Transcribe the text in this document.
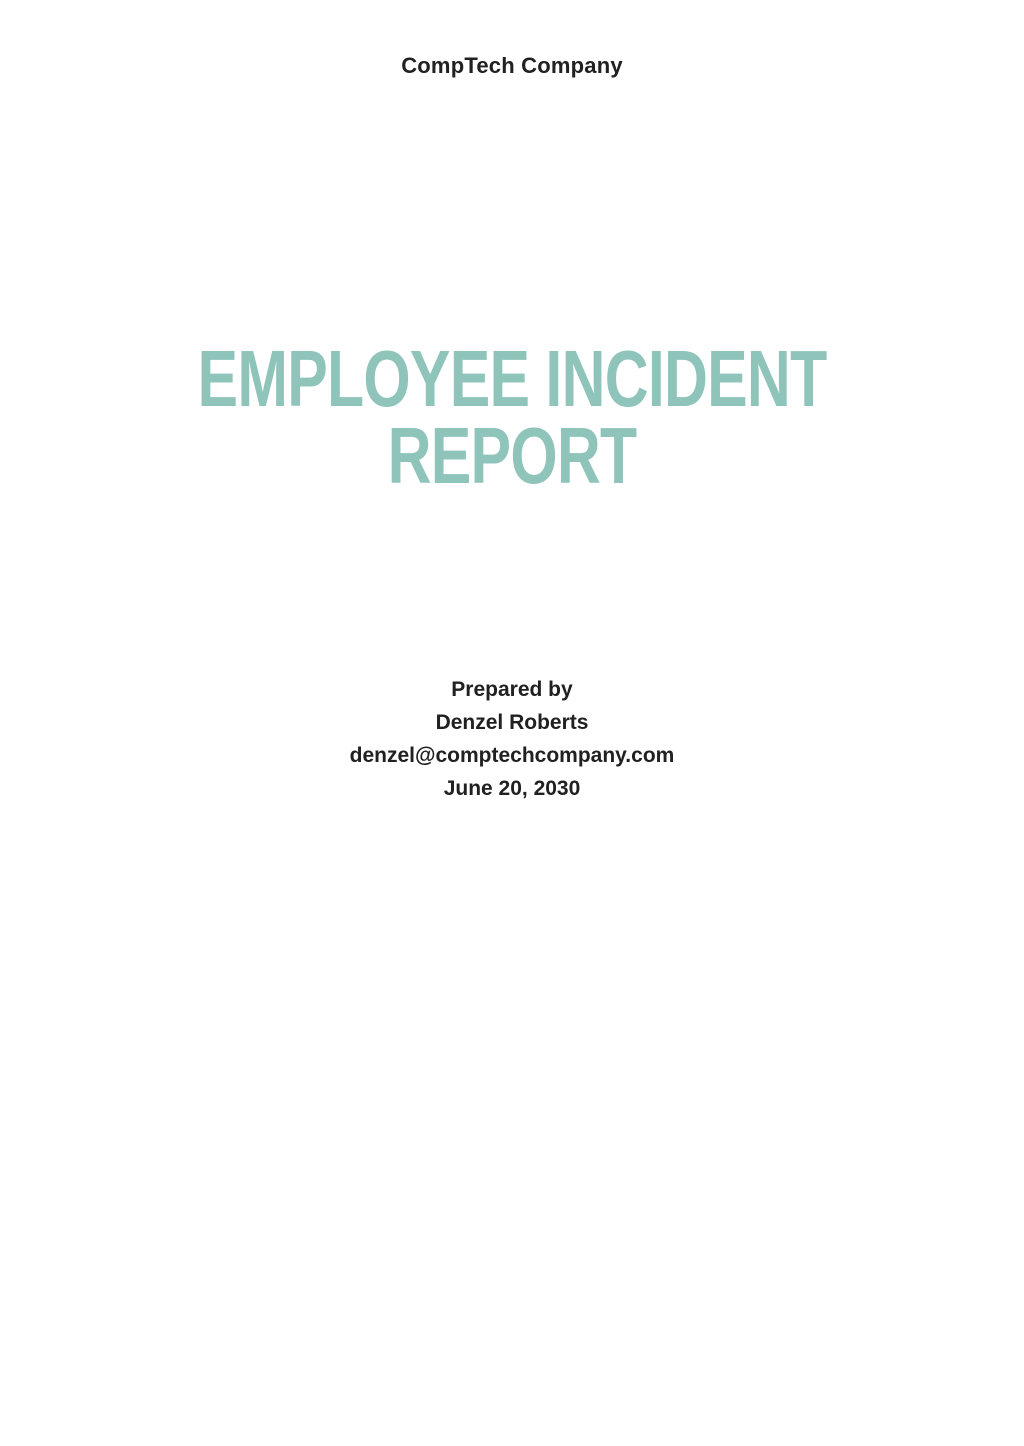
CompTech Company
EMPLOYEE INCIDENT
REPORT

Prepared by

Denzel Roberts

denzel@comptechcompany.com

June 20, 2030
